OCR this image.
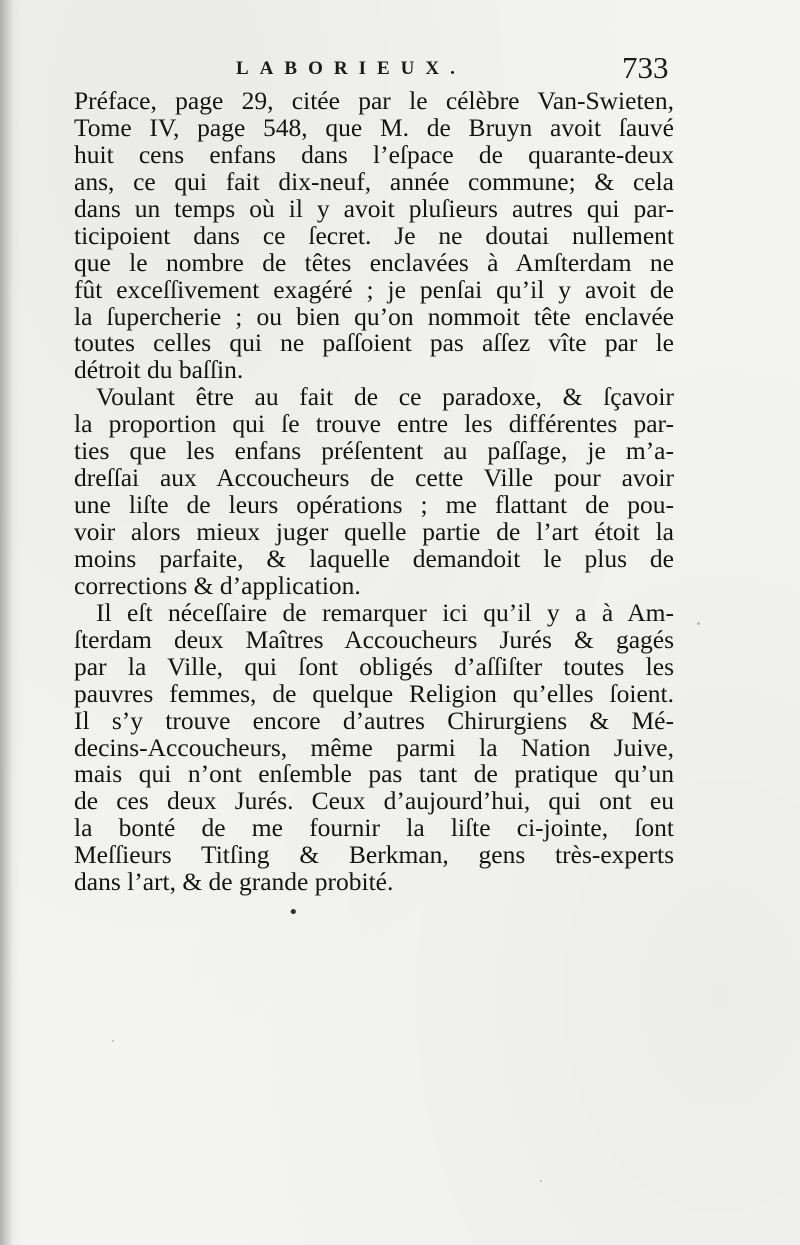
LABORIEUX.	733
Préface, page 29, citée par le célèbre Van-Swieten,
Tome IV, page 548, que M. de Bruyn avoit ſauvé
huit cens enfans dans l’eſpace de quarante-deux
ans, ce qui fait dix-neuf, année commune; & cela
dans un temps où il y avoit pluſieurs autres qui par-
ticipoient dans ce ſecret. Je ne doutai nullement
que le nombre de têtes enclavées à Amſterdam ne
fût exceſſivement exagéré ; je penſai qu’il y avoit de
la ſupercherie ; ou bien qu’on nommoit tête enclavée
toutes celles qui ne paſſoient pas aſſez vîte par le
détroit du baſſin.
Voulant être au fait de ce paradoxe, & ſçavoir
la proportion qui ſe trouve entre les différentes par-
ties que les enfans préſentent au paſſage, je m’a-
dreſſai aux Accoucheurs de cette Ville pour avoir
une liſte de leurs opérations ; me flattant de pou-
voir alors mieux juger quelle partie de l’art étoit la
moins parfaite, & laquelle demandoit le plus de
corrections & d’application.
Il eſt néceſſaire de remarquer ici qu’il y a à Am-
ſterdam deux Maîtres Accoucheurs Jurés & gagés
par la Ville, qui ſont obligés d’aſſiſter toutes les
pauvres femmes, de quelque Religion qu’elles ſoient.
Il s’y trouve encore d’autres Chirurgiens & Mé-
decins-Accoucheurs, même parmi la Nation Juive,
mais qui n’ont enſemble pas tant de pratique qu’un
de ces deux Jurés. Ceux d’aujourd’hui, qui ont eu
la bonté de me fournir la liſte ci-jointe, ſont
Meſſieurs Titſing & Berkman, gens très-experts
dans l’art, & de grande probité.
•
